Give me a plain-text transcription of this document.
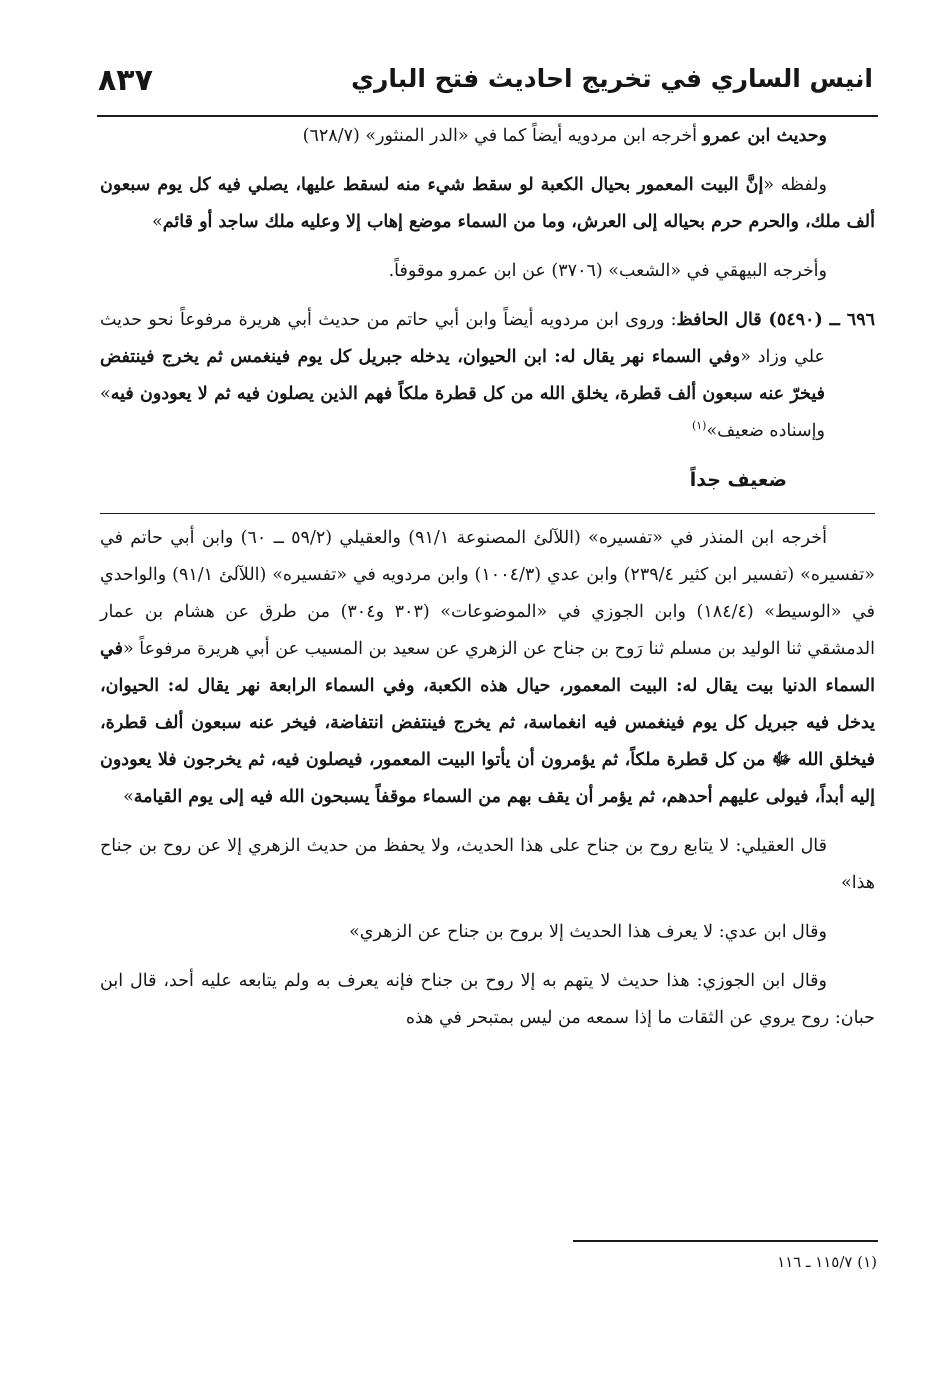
انيس الساري في تخريج احاديث فتح الباري
٨٣٧

وحديث ابن عمرو أخرجه ابن مردويه أيضاً كما في «الدر المنثور» (٦٢٨/٧)

ولفظه «إنَّ البيت المعمور بحيال الكعبة لو سقط شيء منه لسقط عليها، يصلي فيه كل يوم سبعون ألف ملك، والحرم حرم بحياله إلى العرش، وما من السماء موضع إهاب إلا وعليه ملك ساجد أو قائم»

وأخرجه البيهقي في «الشعب» (٣٧٠٦) عن ابن عمرو موقوفاً.

٦٩٦ ــ (٥٤٩٠) قال الحافظ: وروى ابن مردويه أيضاً وابن أبي حاتم من حديث أبي هريرة مرفوعاً نحو حديث علي وزاد «وفي السماء نهر يقال له: ابن الحيوان، يدخله جبريل كل يوم فينغمس ثم يخرج فينتفض فيخرّ عنه سبعون ألف قطرة، يخلق الله من كل قطرة ملكاً فهم الذين يصلون فيه ثم لا يعودون فيه» وإسناده ضعيف»$^{(١)}$

ضعيف جداً

أخرجه ابن المنذر في «تفسيره» (اللآلئ المصنوعة ٩١/١) والعقيلي (٥٩/٢ ــ ٦٠) وابن أبي حاتم في «تفسيره» (تفسير ابن كثير ٢٣٩/٤) وابن عدي (١٠٠٤/٣) وابن مردويه في «تفسيره» (اللآلئ ٩١/١) والواحدي في «الوسيط» (١٨٤/٤) وابن الجوزي في «الموضوعات» (٣٠٣ و٣٠٤) من طرق عن هشام بن عمار الدمشقي ثنا الوليد بن مسلم ثنا رَوح بن جناح عن الزهري عن سعيد بن المسيب عن أبي هريرة مرفوعاً «في السماء الدنيا بيت يقال له: البيت المعمور، حيال هذه الكعبة، وفي السماء الرابعة نهر يقال له: الحيوان، يدخل فيه جبريل كل يوم فينغمس فيه انغماسة، ثم يخرج فينتفض انتفاضة، فيخر عنه سبعون ألف قطرة، فيخلق الله ﷻ من كل قطرة ملكاً، ثم يؤمرون أن يأتوا البيت المعمور، فيصلون فيه، ثم يخرجون فلا يعودون إليه أبداً، فيولى عليهم أحدهم، ثم يؤمر أن يقف بهم من السماء موقفاً يسبحون الله فيه إلى يوم القيامة»

قال العقيلي: لا يتابع روح بن جناح على هذا الحديث، ولا يحفظ من حديث الزهري إلا عن روح بن جناح هذا»

وقال ابن عدي: لا يعرف هذا الحديث إلا بروح بن جناح عن الزهري»

وقال ابن الجوزي: هذا حديث لا يتهم به إلا روح بن جناح فإنه يعرف به ولم يتابعه عليه أحد، قال ابن حبان: روح يروي عن الثقات ما إذا سمعه من ليس بمتبحر في هذه

(١) ١١٥/٧ ـ ١١٦
